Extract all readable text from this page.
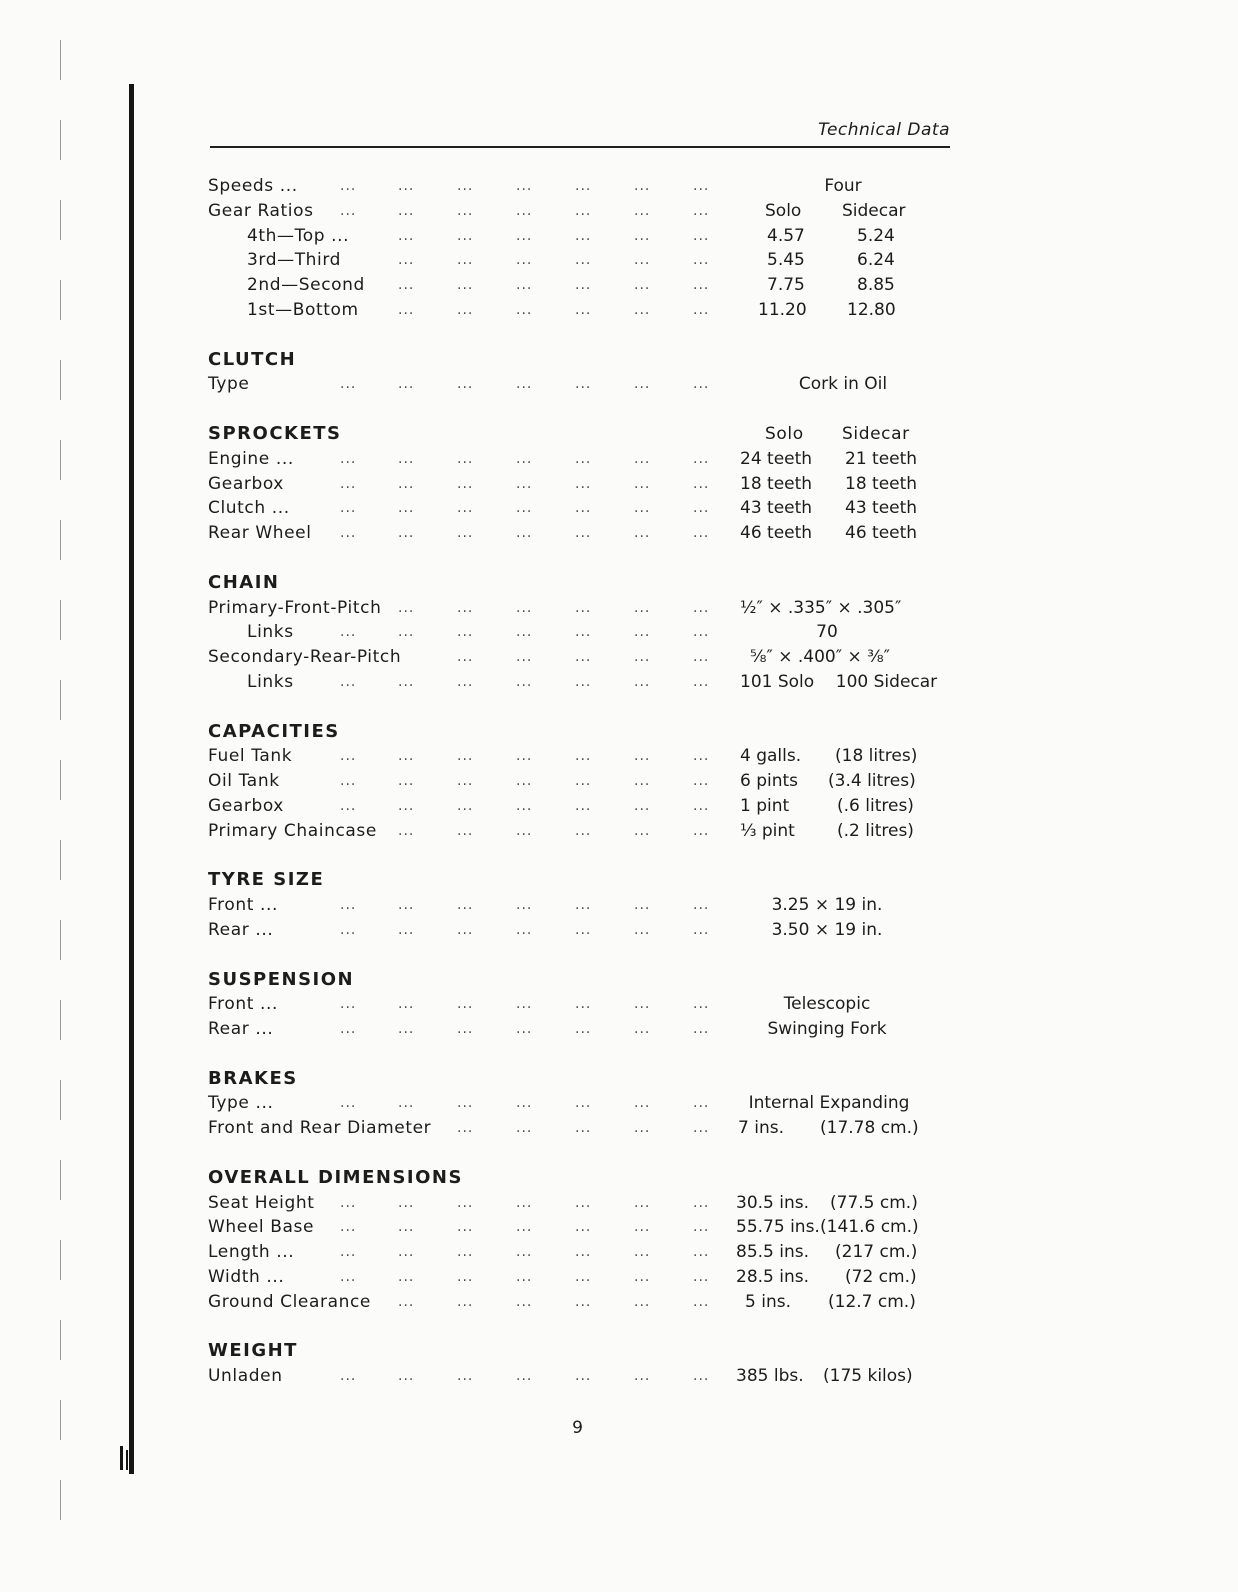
Technical Data
Speeds ...	...	...	...	...	...	...	...	Four
Gear Ratios ...	...	...	...	...	...	...	Solo Sidecar
4th—Top ...	...	...	...	...	...	...	4.57	5.24
3rd—Third	...	...	...	...	...	...	5.45	6.24
2nd—Second ...	...	...	...	...	...	7.75	8.85
1st—Bottom	...	...	...	...	...	...	11.20 12.80
CLUTCH
Type	...	...	...	...	...	...	...	Cork in Oil
SPROCKETS	Solo Sidecar
Engine ...	...	...	...	...	...	...	... 24 teeth 21 teeth
Gearbox	...	...	...	...	...	...	... 18 teeth 18 teeth
Clutch ...	...	...	...	...	...	...	... 43 teeth 43 teeth
Rear Wheel ...	...	...	...	...	...	... 46 teeth 46 teeth
CHAIN
Primary-Front-Pitch ...	...	...	...	...	... ½″ × .335″ × .305″
Links	...	...	...	...	...	...	...	70
Secondary-Rear-Pitch	...	...	...	...	... ⅝″ × .400″ × ⅜″
Links	...	...	...	...	...	...	... 101 Solo    100 Sidecar
CAPACITIES
Fuel Tank	...	...	...	...	...	...	... 4 galls. (18 litres)
Oil Tank	...	...	...	...	...	...	... 6 pints (3.4 litres)
Gearbox	...	...	...	...	...	...	... 1 pint	(.6 litres)
Primary Chaincase ...	...	...	...	...	... ⅓ pint (.2 litres)
TYRE SIZE
Front ...	...	...	...	...	...	...	...	3.25 × 19 in.
Rear ...	...	...	...	...	...	...	...	3.50 × 19 in.
SUSPENSION
Front ...	...	...	...	...	...	...	...	Telescopic
Rear ...	...	...	...	...	...	...	...	Swinging Fork
BRAKES
Type ...	...	...	...	...	...	...	...	Internal Expanding
Front and Rear Diameter ...	...	...	...	... 7 ins. (17.78 cm.)
OVERALL DIMENSIONS
Seat Height ...	...	...	...	...	...	... 30.5 ins. (77.5 cm.)
Wheel Base ...	...	...	...	...	...	... 55.75 ins. (141.6 cm.)
Length ...	...	...	...	...	...	...	... 85.5 ins. (217 cm.)
Width ...	...	...	...	...	...	...	... 28.5 ins. (72 cm.)
Ground Clearance ...	...	...	...	...	... 5 ins. (12.7 cm.)
WEIGHT
Unladen	...	...	...	...	...	...	... 385 lbs. (175 kilos)
9
